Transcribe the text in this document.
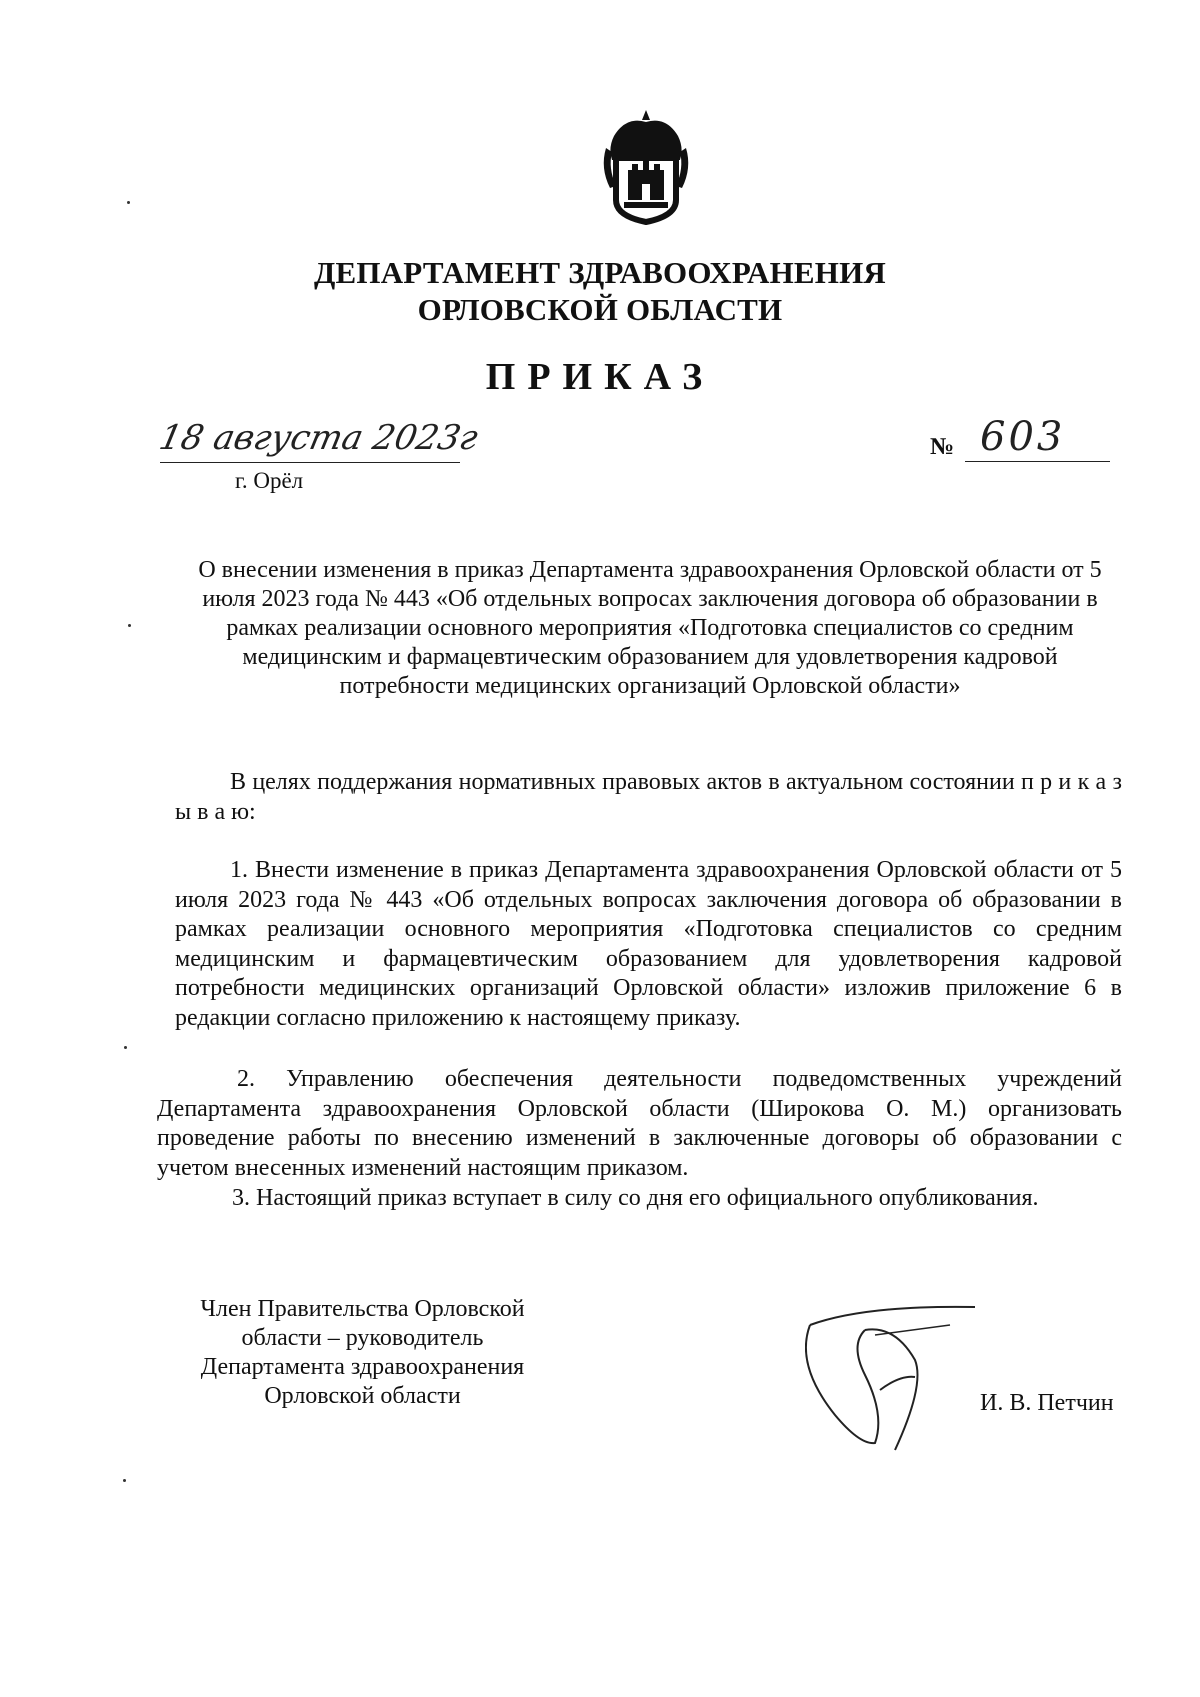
ДЕПАРТАМЕНТ ЗДРАВООХРАНЕНИЯ
ОРЛОВСКОЙ ОБЛАСТИ
ПРИКАЗ
18 августа 2023г
г. Орёл
№ 603
О внесении изменения в приказ Департамента здравоохранения Орловской области от 5 июля 2023 года № 443 «Об отдельных вопросах заключения договора об образовании в рамках реализации основного мероприятия «Подготовка специалистов со средним медицинским и фармацевтическим образованием для удовлетворения кадровой потребности медицинских организаций Орловской области»
В целях поддержания нормативных правовых актов в актуальном состоянии п р и к а з ы в а ю:
1. Внести изменение в приказ Департамента здравоохранения Орловской области от 5 июля 2023 года № 443 «Об отдельных вопросах заключения договора об образовании в рамках реализации основного мероприятия «Подготовка специалистов со средним медицинским и фармацевтическим образованием для удовлетворения кадровой потребности медицинских организаций Орловской области» изложив приложение 6 в редакции согласно приложению к настоящему приказу.
2. Управлению обеспечения деятельности подведомственных учреждений Департамента здравоохранения Орловской области (Широкова О. М.) организовать проведение работы по внесению изменений в заключенные договоры об образовании с учетом внесенных изменений настоящим приказом.
3. Настоящий приказ вступает в силу со дня его официального опубликования.
Член Правительства Орловской области – руководитель Департамента здравоохранения Орловской области	И. В. Петчин
